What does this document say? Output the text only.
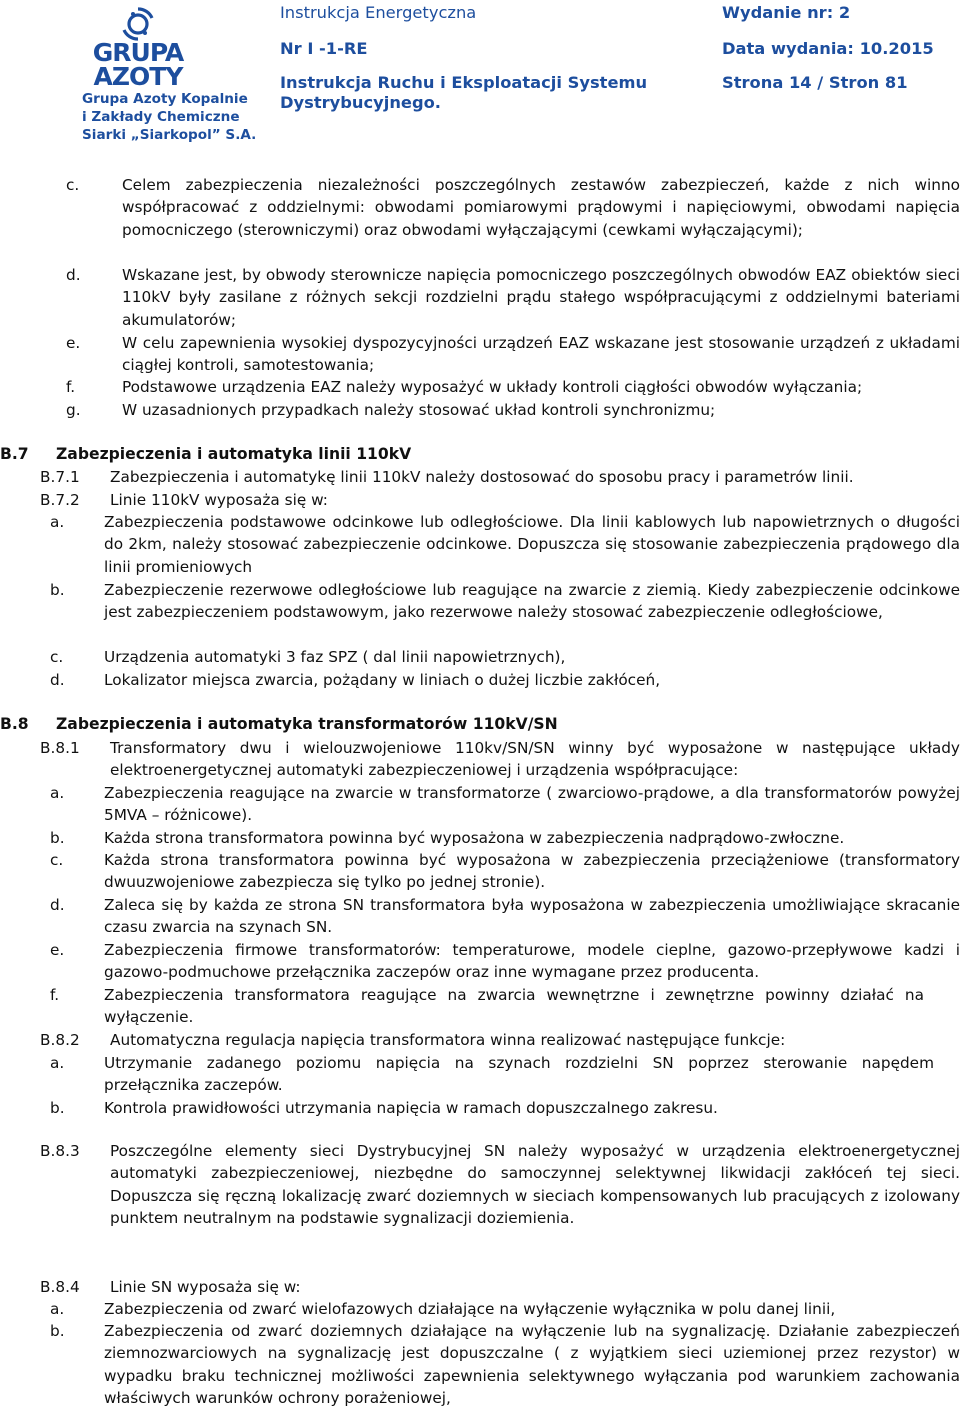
GRUPA
AZOTY
Grupa Azoty Kopalnie
i Zakłady Chemiczne
Siarki „Siarkopol” S.A.
Instrukcja Energetyczna
Nr I -1-RE
Instrukcja Ruchu i Eksploatacji Systemu Dystrybucyjnego.
Wydanie nr: 2
Data wydania: 10.2015
Strona 14 / Stron 81
c.	Celem zabezpieczenia niezależności poszczególnych zestawów zabezpieczeń, każde z nich winno współpracować z oddzielnymi: obwodami pomiarowymi prądowymi i napięciowymi, obwodami napięcia pomocniczego (sterowniczymi) oraz obwodami wyłączającymi (cewkami wyłączającymi);
d.	Wskazane jest, by obwody sterownicze napięcia pomocniczego poszczególnych obwodów EAZ obiektów sieci 110kV były zasilane z różnych sekcji rozdzielni prądu stałego współpracującymi z oddzielnymi bateriami akumulatorów;
e.	W celu zapewnienia wysokiej dyspozycyjności urządzeń EAZ wskazane jest stosowanie urządzeń z układami ciągłej kontroli, samotestowania;
f.	Podstawowe urządzenia EAZ należy wyposażyć w układy kontroli ciągłości obwodów wyłączania;
g.	W uzasadnionych przypadkach należy stosować układ kontroli synchronizmu;
B.7 Zabezpieczenia i automatyka linii 110kV
B.7.1 Zabezpieczenia i automatykę linii 110kV należy dostosować do sposobu pracy i parametrów linii.
B.7.2 Linie 110kV wyposaża się w:
a.	Zabezpieczenia podstawowe odcinkowe lub odległościowe. Dla linii kablowych lub napowietrznych o długości do 2km, należy stosować zabezpieczenie odcinkowe. Dopuszcza się stosowanie zabezpieczenia prądowego dla linii promieniowych
b.	Zabezpieczenie rezerwowe odległościowe lub reagujące na zwarcie z ziemią. Kiedy zabezpieczenie odcinkowe jest zabezpieczeniem podstawowym, jako rezerwowe należy stosować zabezpieczenie odległościowe,
c.	Urządzenia automatyki 3 faz SPZ ( dal linii napowietrznych),
d.	Lokalizator miejsca zwarcia, pożądany w liniach o dużej liczbie zakłóceń,
B.8 Zabezpieczenia i automatyka transformatorów 110kV/SN
B.8.1 Transformatory dwu i wielouzwojeniowe 110kv/SN/SN winny być wyposażone w następujące układy elektroenergetycznej automatyki zabezpieczeniowej i urządzenia współpracujące:
a.	Zabezpieczenia reagujące na zwarcie w transformatorze ( zwarciowo-prądowe, a dla transformatorów powyżej 5MVA – różnicowe).
b.	Każda strona transformatora powinna być wyposażona w zabezpieczenia nadprądowo-zwłoczne.
c.	Każda strona transformatora powinna być wyposażona w zabezpieczenia przeciążeniowe (transformatory dwuuzwojeniowe zabezpiecza się tylko po jednej stronie).
d.	Zaleca się by każda ze strona SN transformatora była wyposażona w zabezpieczenia umożliwiające skracanie czasu zwarcia na szynach SN.
e.	Zabezpieczenia firmowe transformatorów: temperaturowe, modele cieplne, gazowo-przepływowe kadzi i gazowo-podmuchowe przełącznika zaczepów oraz inne wymagane przez producenta.
f.	Zabezpieczenia transformatora reagujące na zwarcia wewnętrzne i zewnętrzne powinny działać na wyłączenie.
B.8.2 Automatyczna regulacja napięcia transformatora winna realizować następujące funkcje:
a.	Utrzymanie zadanego poziomu napięcia na szynach rozdzielni SN poprzez sterowanie napędem przełącznika zaczepów.
b.	Kontrola prawidłowości utrzymania napięcia w ramach dopuszczalnego zakresu.
B.8.3 Poszczególne elementy sieci Dystrybucyjnej SN należy wyposażyć w urządzenia elektroenergetycznej automatyki zabezpieczeniowej, niezbędne do samoczynnej selektywnej likwidacji zakłóceń tej sieci. Dopuszcza się ręczną lokalizację zwarć doziemnych w sieciach kompensowanych lub pracujących z izolowany punktem neutralnym na podstawie sygnalizacji doziemienia.
B.8.4 Linie SN wyposaża się w:
a.	Zabezpieczenia od zwarć wielofazowych działające na wyłączenie wyłącznika w polu danej linii,
b.	Zabezpieczenia od zwarć doziemnych działające na wyłączenie lub na sygnalizację. Działanie zabezpieczeń ziemnozwarciowych na sygnalizację jest dopuszczalne ( z wyjątkiem sieci uziemionej przez rezystor) w wypadku braku technicznej możliwości zapewnienia selektywnego wyłączania pod warunkiem zachowania właściwych warunków ochrony porażeniowej,
